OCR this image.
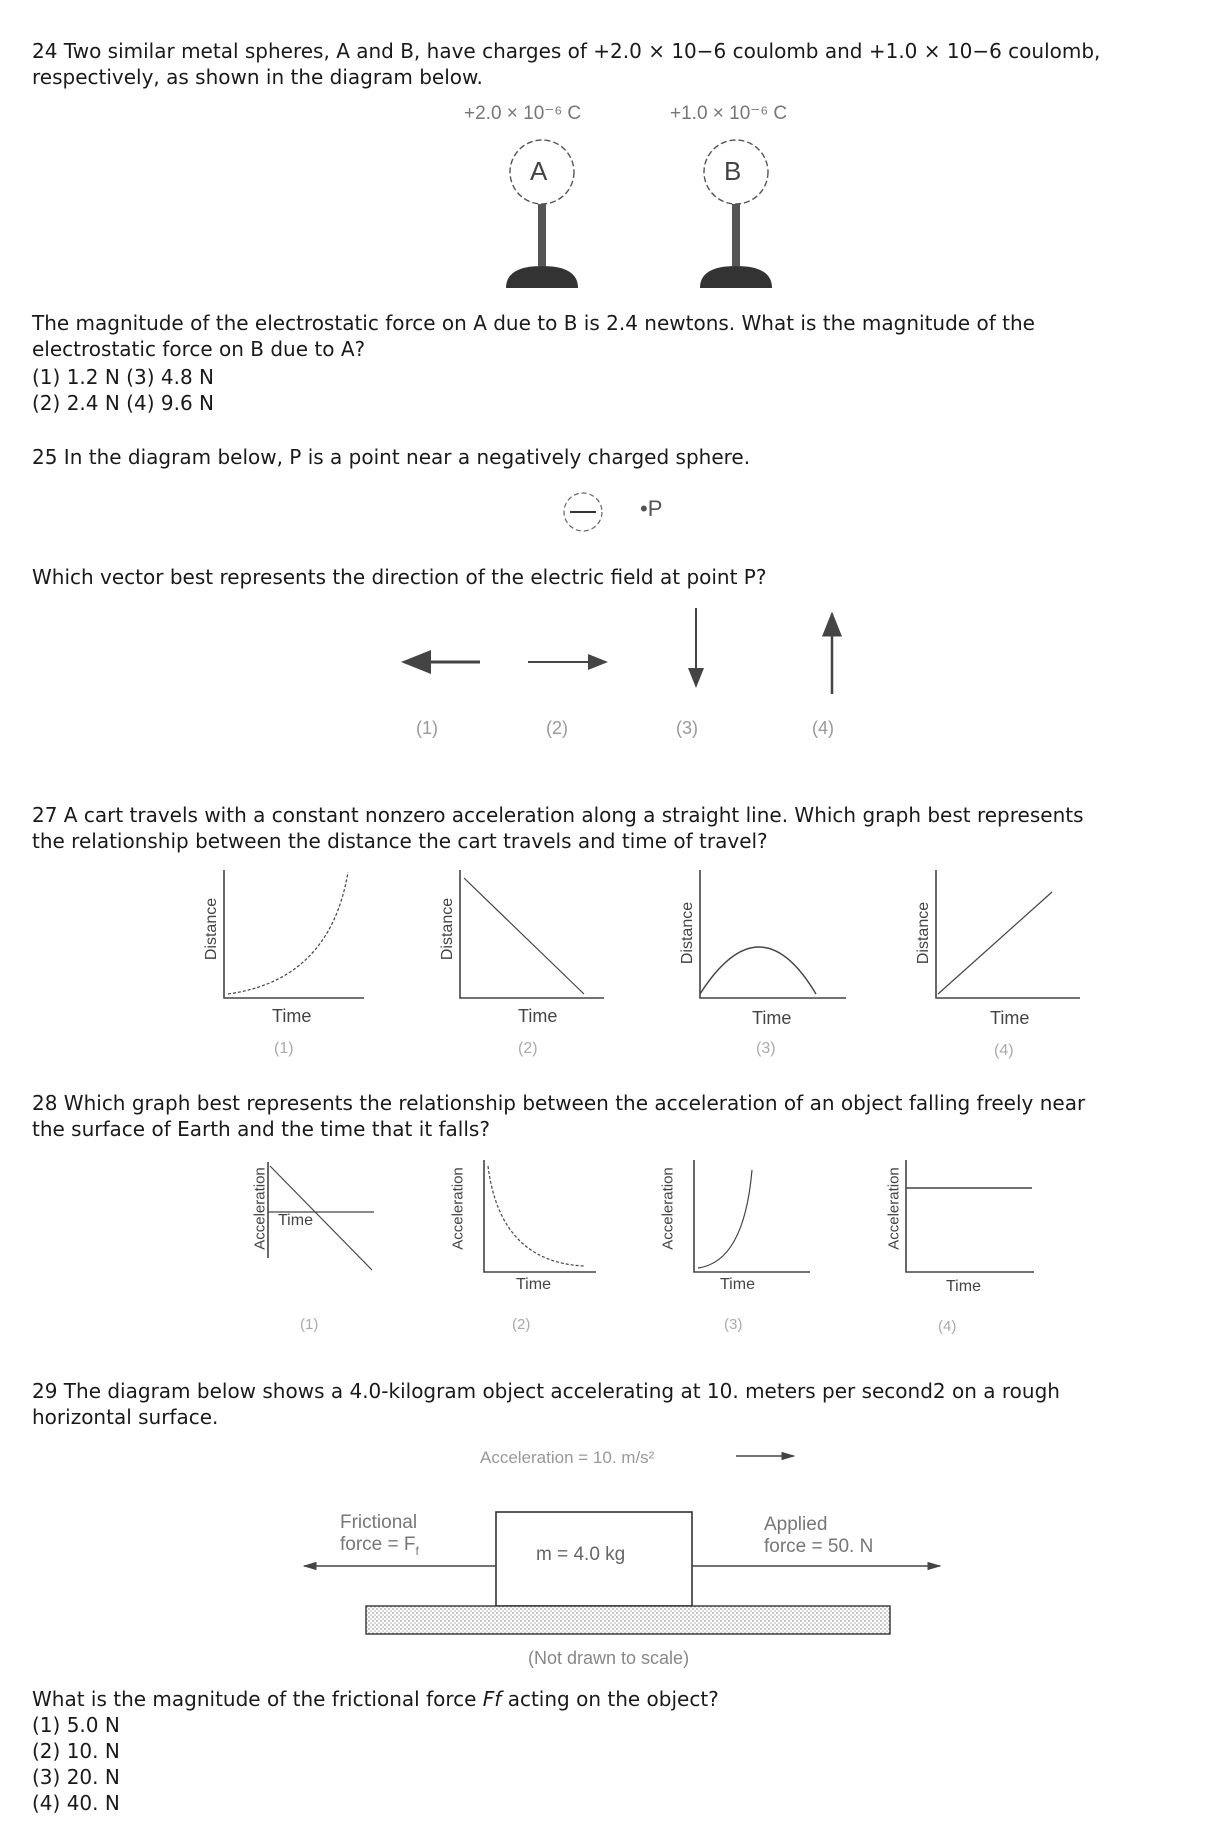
24 Two similar metal spheres, A and B, have charges of +2.0 × 10−6 coulomb and +1.0 × 10−6 coulomb,
respectively, as shown in the diagram below.
+2.0 × 10⁻⁶ C	+1.0 × 10⁻⁶ C
A	B
The magnitude of the electrostatic force on A due to B is 2.4 newtons. What is the magnitude of the
electrostatic force on B due to A?
(1) 1.2 N (3) 4.8 N
(2) 2.4 N (4) 9.6 N
25 In the diagram below, P is a point near a negatively charged sphere.
•P
Which vector best represents the direction of the electric field at point P?
(1)	(2)	(3)	(4)
27 A cart travels with a constant nonzero acceleration along a straight line. Which graph best represents
the relationship between the distance the cart travels and time of travel?
Distance	Distance	Distance	Distance
Time	Time	Time	Time
(1)	(2)	(3)	(4)
28 Which graph best represents the relationship between the acceleration of an object falling freely near
the surface of Earth and the time that it falls?
Acceleration	Acceleration	Acceleration	Acceleration
Time
Time	Time	Time
(1)	(2)	(3)	(4)
29 The diagram below shows a 4.0-kilogram object accelerating at 10. meters per second2 on a rough
horizontal surface.
Acceleration = 10. m/s²
Frictional
force = $F_f$	m = 4.0 kg
Applied
force = 50. N
(Not drawn to scale)
What is the magnitude of the frictional force Ff acting on the object?
(1) 5.0 N
(2) 10. N
(3) 20. N
(4) 40. N
